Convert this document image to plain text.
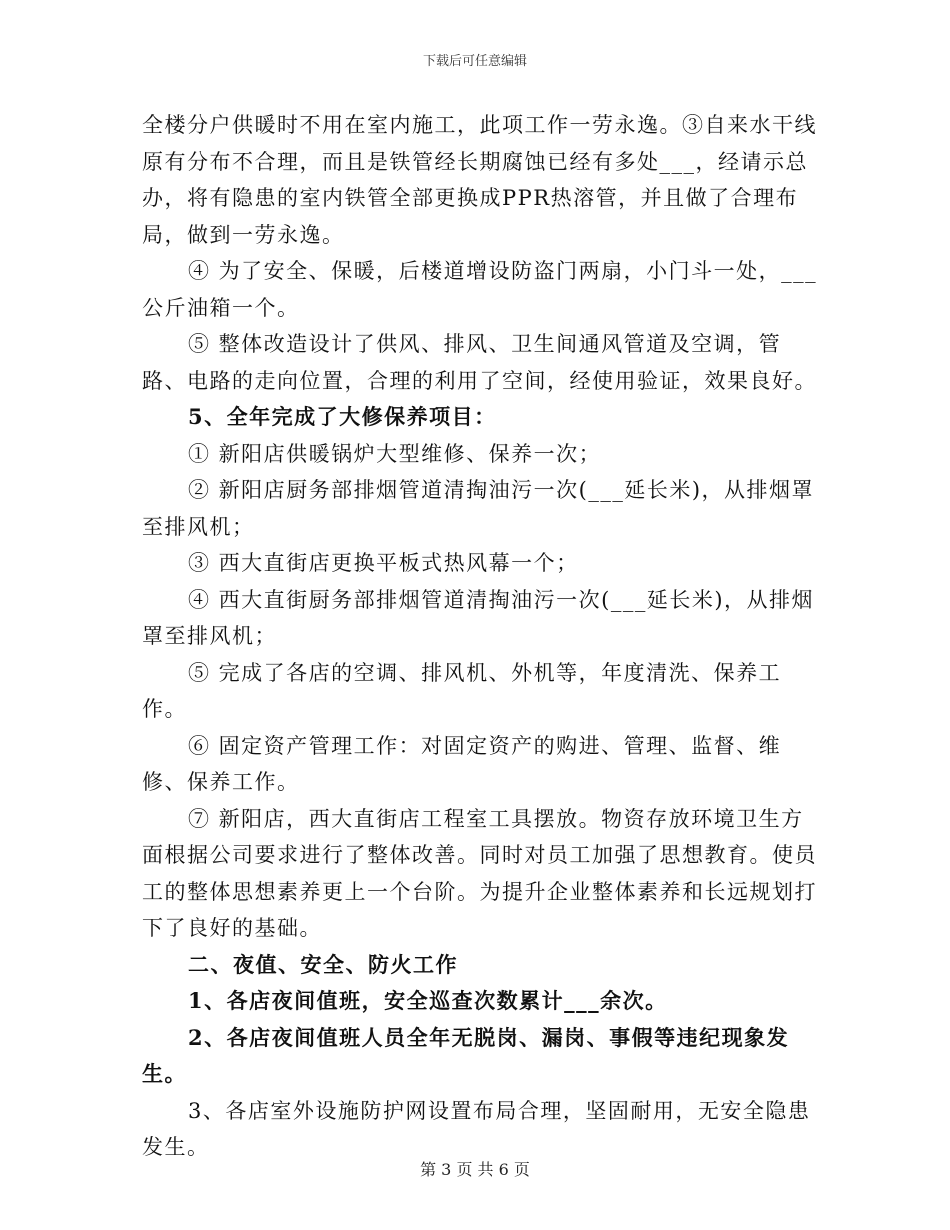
下载后可任意编辑

全楼分户供暖时不用在室内施工，此项工作一劳永逸。③自来水干线原有分布不合理，而且是铁管经长期腐蚀已经有多处___，经请示总办，将有隐患的室内铁管全部更换成PPR热溶管，并且做了合理布局，做到一劳永逸。

④ 为了安全、保暖，后楼道增设防盗门两扇，小门斗一处，___公斤油箱一个。

⑤ 整体改造设计了供风、排风、卫生间通风管道及空调，管路、电路的走向位置，合理的利用了空间，经使用验证，效果良好。

5、全年完成了大修保养项目：

① 新阳店供暖锅炉大型维修、保养一次；

② 新阳店厨务部排烟管道清掏油污一次(___延长米)，从排烟罩至排风机；

③ 西大直街店更换平板式热风幕一个；

④ 西大直街厨务部排烟管道清掏油污一次(___延长米)，从排烟罩至排风机；

⑤ 完成了各店的空调、排风机、外机等，年度清洗、保养工作。

⑥ 固定资产管理工作：对固定资产的购进、管理、监督、维修、保养工作。

⑦ 新阳店，西大直街店工程室工具摆放。物资存放环境卫生方面根据公司要求进行了整体改善。同时对员工加强了思想教育。使员工的整体思想素养更上一个台阶。为提升企业整体素养和长远规划打下了良好的基础。

二、夜值、安全、防火工作

1、各店夜间值班，安全巡查次数累计___余次。

2、各店夜间值班人员全年无脱岗、漏岗、事假等违纪现象发生。

3、各店室外设施防护网设置布局合理，坚固耐用，无安全隐患发生。

第 3 页 共 6 页
